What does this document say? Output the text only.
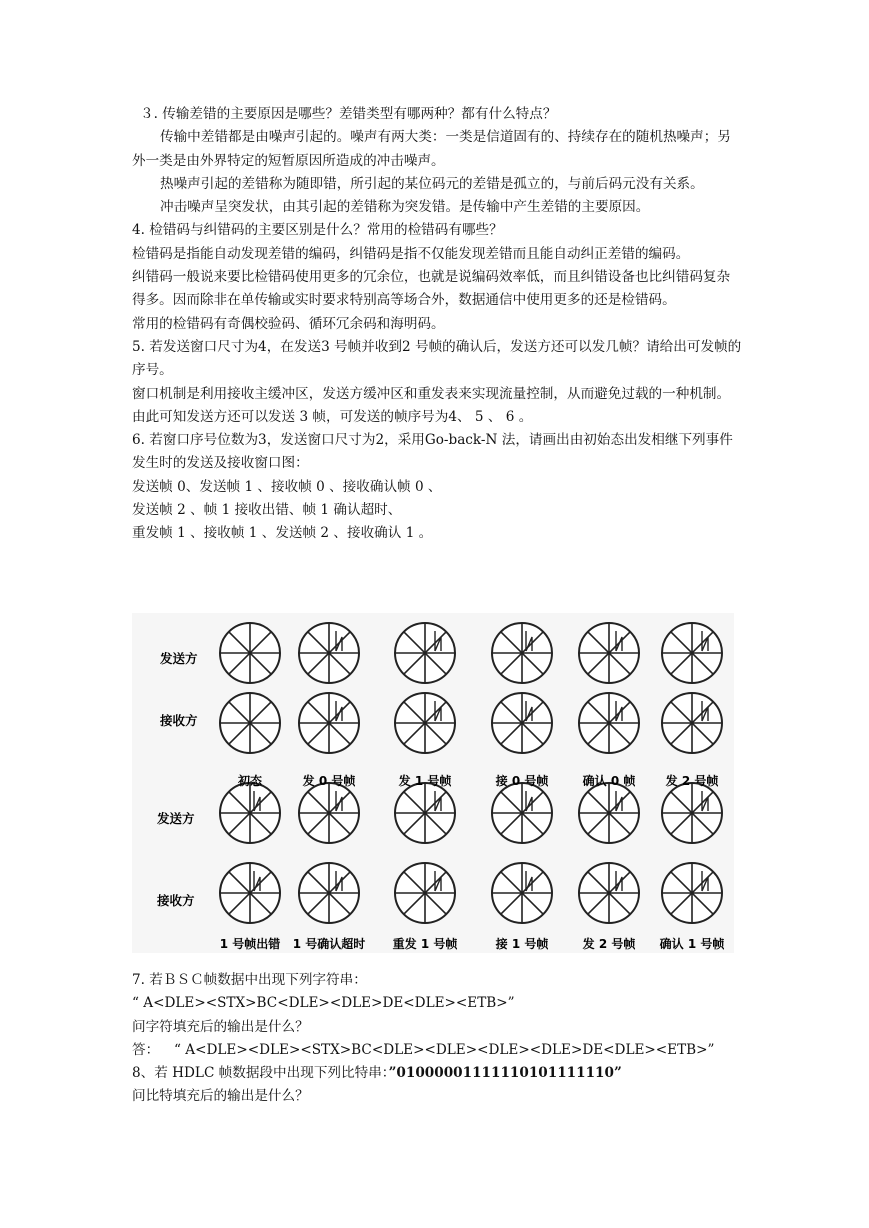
３. 传输差错的主要原因是哪些？差错类型有哪两种？都有什么特点？

传输中差错都是由噪声引起的。噪声有两大类：一类是信道固有的、持续存在的随机热噪声；另外一类是由外界特定的短暂原因所造成的冲击噪声。

热噪声引起的差错称为随即错，所引起的某位码元的差错是孤立的，与前后码元没有关系。

冲击噪声呈突发状，由其引起的差错称为突发错。是传输中产生差错的主要原因。

4. 检错码与纠错码的主要区别是什么？常用的检错码有哪些？

检错码是指能自动发现差错的编码，纠错码是指不仅能发现差错而且能自动纠正差错的编码。

纠错码一般说来要比检错码使用更多的冗余位，也就是说编码效率低，而且纠错设备也比纠错码复杂得多。因而除非在单传输或实时要求特别高等场合外，数据通信中使用更多的还是检错码。

常用的检错码有奇偶校验码、循环冗余码和海明码。

5. 若发送窗口尺寸为4，在发送3 号帧并收到2 号帧的确认后，发送方还可以发几帧？请给出可发帧的序号。

窗口机制是利用接收主缓冲区，发送方缓冲区和重发表来实现流量控制，从而避免过载的一种机制。由此可知发送方还可以发送 3 帧，可发送的帧序号为4、 5 、 6 。

6. 若窗口序号位数为3，发送窗口尺寸为2，采用Go-back-N 法，请画出由初始态出发相继下列事件发生时的发送及接收窗口图：

发送帧 0、发送帧 1 、接收帧 0 、接收确认帧 0 、

发送帧 2 、帧 1 接收出错、帧 1 确认超时、

重发帧 1 、接收帧 1 、发送帧 2 、接收确认 1 。

发送方
接收方
发送方
接收方
初态
1 号帧出错
发 0 号帧
1 号确认超时
发 1 号帧
重发 1 号帧
接 0 号帧
接 1 号帧
确认 0 帧
发 2 号帧
发 2 号帧
确认 1 号帧

7. 若ＢＳＣ帧数据中出现下列字符串：

“ A<DLE><STX>BC<DLE><DLE>DE<DLE><ETB>”

问字符填充后的输出是什么？

答： “ A<DLE><DLE><STX>BC<DLE><DLE><DLE><DLE>DE<DLE><ETB>”

8、若 HDLC 帧数据段中出现下列比特串：”01000001111110101111110”

问比特填充后的输出是什么？
